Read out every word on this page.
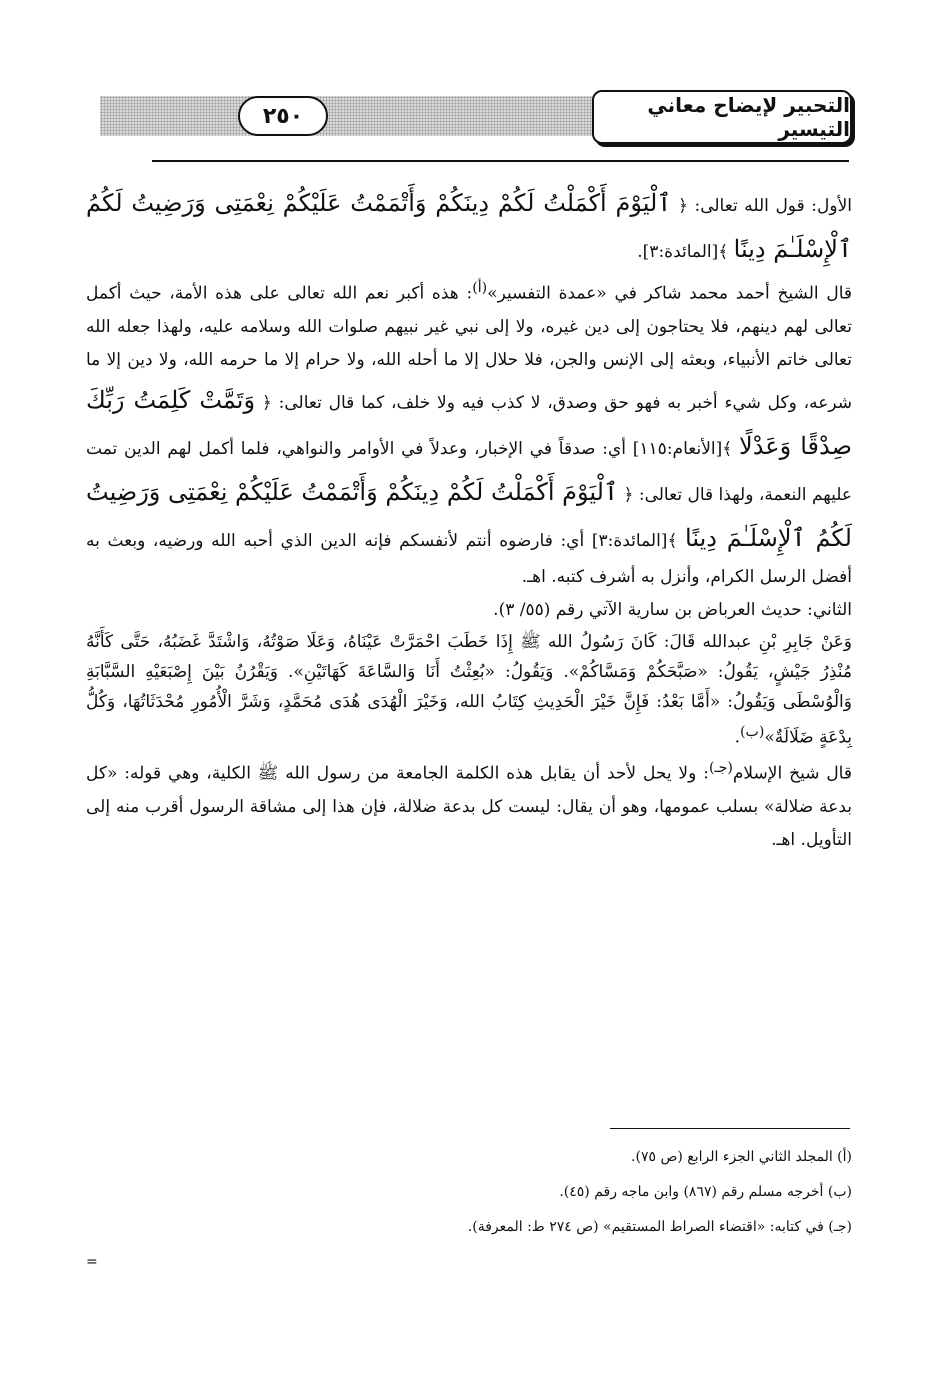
٢٥٠	التحبير لإيضاح معاني التيسير

الأول: قول الله تعالى: ﴿ ٱلْيَوْمَ أَكْمَلْتُ لَكُمْ دِينَكُمْ وَأَتْمَمْتُ عَلَيْكُمْ نِعْمَتِى وَرَضِيتُ لَكُمُ ٱلْإِسْلَـٰمَ دِينًا ﴾[المائدة:٣].

قال الشيخ أحمد محمد شاكر في «عمدة التفسير»$^{(أ)}$: هذه أكبر نعم الله تعالى على هذه الأمة، حيث أكمل تعالى لهم دينهم، فلا يحتاجون إلى دين غيره، ولا إلى نبي غير نبيهم صلوات الله وسلامه عليه، ولهذا جعله الله تعالى خاتم الأنبياء، وبعثه إلى الإنس والجن، فلا حلال إلا ما أحله الله، ولا حرام إلا ما حرمه الله، ولا دين إلا ما شرعه، وكل شيء أخبر به فهو حق وصدق، لا كذب فيه ولا خلف، كما قال تعالى: ﴿ وَتَمَّتْ كَلِمَتُ رَبِّكَ صِدْقًا وَعَدْلًا ﴾[الأنعام:١١٥] أي: صدقاً في الإخبار، وعدلاً في الأوامر والنواهي، فلما أكمل لهم الدين تمت عليهم النعمة، ولهذا قال تعالى: ﴿ ٱلْيَوْمَ أَكْمَلْتُ لَكُمْ دِينَكُمْ وَأَتْمَمْتُ عَلَيْكُمْ نِعْمَتِى وَرَضِيتُ لَكُمُ ٱلْإِسْلَـٰمَ دِينًا ﴾[المائدة:٣] أي: فارضوه أنتم لأنفسكم فإنه الدين الذي أحبه الله ورضيه، وبعث به أفضل الرسل الكرام، وأنزل به أشرف كتبه. اهـ.

الثاني: حديث العرباض بن سارية الآتي رقم (٥٥/ ٣).

وَعَنْ جَابِرِ بْنِ عبدالله قَالَ: كَانَ رَسُولُ الله ﷺ إِذَا خَطَبَ احْمَرَّتْ عَيْنَاهُ، وَعَلَا صَوْتُهُ، وَاشْتَدَّ غَضَبُهُ، حَتَّى كَأَنَّهُ مُنْذِرُ جَيْشٍ، يَقُولُ: «صَبَّحَكُمْ وَمَسَّاكُمْ». وَيَقُولُ: «بُعِثْتُ أَنَا وَالسَّاعَةَ كَهَاتَيْنِ». وَيَقْرُنُ بَيْنَ إِصْبَعَيْهِ السَّبَّابَةِ وَالْوُسْطَى وَيَقُولُ: «أَمَّا بَعْدُ: فَإِنَّ خَيْرَ الْحَدِيثِ كِتَابُ الله، وَخَيْرَ الْهُدَى هُدَى مُحَمَّدٍ، وَشَرَّ الْأُمُورِ مُحْدَثَاتُهَا، وَكُلُّ بِدْعَةٍ ضَلَالَةٌ»$^{(ب)}$.

قال شيخ الإسلام$^{(جـ)}$: ولا يحل لأحد أن يقابل هذه الكلمة الجامعة من رسول الله ﷺ الكلية، وهي قوله: «كل بدعة ضلالة» بسلب عمومها، وهو أن يقال: ليست كل بدعة ضلالة، فإن هذا إلى مشاقة الرسول أقرب منه إلى التأويل. اهـ.

(أ) المجلد الثاني الجزء الرابع (ص ٧٥).

(ب) أخرجه مسلم رقم (٨٦٧) وابن ماجه رقم (٤٥).

(جـ) في كتابه: «اقتضاء الصراط المستقيم» (ص ٢٧٤ ط: المعرفة).

=
